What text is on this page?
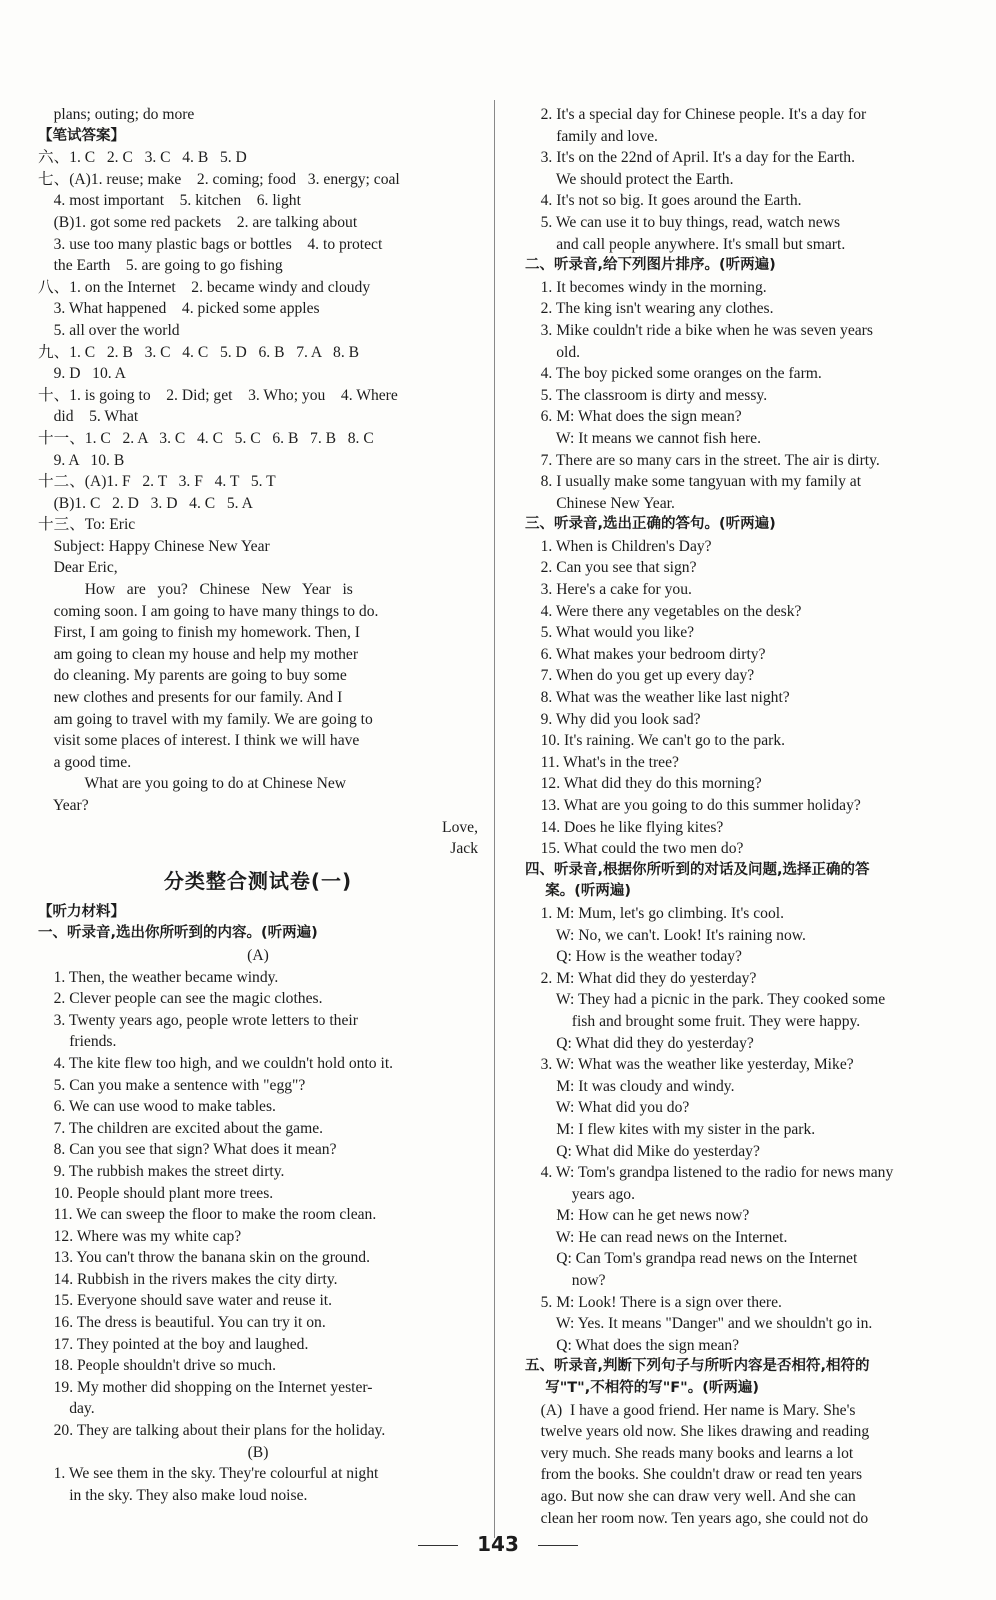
plans; outing; do more
【笔试答案】
六、1. C   2. C   3. C   4. B   5. D
七、(A)1. reuse; make    2. coming; food   3. energy; coal
4. most important    5. kitchen    6. light
(B)1. got some red packets    2. are talking about
3. use too many plastic bags or bottles    4. to protect
the Earth    5. are going to go fishing
八、1. on the Internet    2. became windy and cloudy
3. What happened    4. picked some apples
5. all over the world
九、1. C   2. B   3. C   4. C   5. D   6. B   7. A   8. B
9. D   10. A
十、1. is going to    2. Did; get    3. Who; you    4. Where
did    5. What
十一、1. C   2. A   3. C   4. C   5. C   6. B   7. B   8. C
9. A   10. B
十二、(A)1. F   2. T   3. F   4. T   5. T
(B)1. C   2. D   3. D   4. C   5. A
十三、To: Eric
Subject: Happy Chinese New Year
Dear Eric,
How   are   you?   Chinese   New   Year   is
coming soon. I am going to have many things to do.
First, I am going to finish my homework. Then, I
am going to clean my house and help my mother
do cleaning. My parents are going to buy some
new clothes and presents for our family. And I
am going to travel with my family. We are going to
visit some places of interest. I think we will have
a good time.
What are you going to do at Chinese New
Year?
Love,
Jack
分类整合测试卷(一)
【听力材料】
一、听录音,选出你所听到的内容。(听两遍)
(A)
1. Then, the weather became windy.
2. Clever people can see the magic clothes.
3. Twenty years ago, people wrote letters to their
friends.
4. The kite flew too high, and we couldn't hold onto it.
5. Can you make a sentence with "egg"?
6. We can use wood to make tables.
7. The children are excited about the game.
8. Can you see that sign? What does it mean?
9. The rubbish makes the street dirty.
10. People should plant more trees.
11. We can sweep the floor to make the room clean.
12. Where was my white cap?
13. You can't throw the banana skin on the ground.
14. Rubbish in the rivers makes the city dirty.
15. Everyone should save water and reuse it.
16. The dress is beautiful. You can try it on.
17. They pointed at the boy and laughed.
18. People shouldn't drive so much.
19. My mother did shopping on the Internet yester-
day.
20. They are talking about their plans for the holiday.
(B)
1. We see them in the sky. They're colourful at night
in the sky. They also make loud noise.
2. It's a special day for Chinese people. It's a day for
family and love.
3. It's on the 22nd of April. It's a day for the Earth.
We should protect the Earth.
4. It's not so big. It goes around the Earth.
5. We can use it to buy things, read, watch news
and call people anywhere. It's small but smart.
二、听录音,给下列图片排序。(听两遍)
1. It becomes windy in the morning.
2. The king isn't wearing any clothes.
3. Mike couldn't ride a bike when he was seven years
old.
4. The boy picked some oranges on the farm.
5. The classroom is dirty and messy.
6. M: What does the sign mean?
W: It means we cannot fish here.
7. There are so many cars in the street. The air is dirty.
8. I usually make some tangyuan with my family at
Chinese New Year.
三、听录音,选出正确的答句。(听两遍)
1. When is Children's Day?
2. Can you see that sign?
3. Here's a cake for you.
4. Were there any vegetables on the desk?
5. What would you like?
6. What makes your bedroom dirty?
7. When do you get up every day?
8. What was the weather like last night?
9. Why did you look sad?
10. It's raining. We can't go to the park.
11. What's in the tree?
12. What did they do this morning?
13. What are you going to do this summer holiday?
14. Does he like flying kites?
15. What could the two men do?
四、听录音,根据你所听到的对话及问题,选择正确的答
案。(听两遍)
1. M: Mum, let's go climbing. It's cool.
W: No, we can't. Look! It's raining now.
Q: How is the weather today?
2. M: What did they do yesterday?
W: They had a picnic in the park. They cooked some
fish and brought some fruit. They were happy.
Q: What did they do yesterday?
3. W: What was the weather like yesterday, Mike?
M: It was cloudy and windy.
W: What did you do?
M: I flew kites with my sister in the park.
Q: What did Mike do yesterday?
4. W: Tom's grandpa listened to the radio for news many
years ago.
M: How can he get news now?
W: He can read news on the Internet.
Q: Can Tom's grandpa read news on the Internet
now?
5. M: Look! There is a sign over there.
W: Yes. It means "Danger" and we shouldn't go in.
Q: What does the sign mean?
五、听录音,判断下列句子与所听内容是否相符,相符的
写"T",不相符的写"F"。(听两遍)
(A)  I have a good friend. Her name is Mary. She's
twelve years old now. She likes drawing and reading
very much. She reads many books and learns a lot
from the books. She couldn't draw or read ten years
ago. But now she can draw very well. And she can
clean her room now. Ten years ago, she could not do
143
